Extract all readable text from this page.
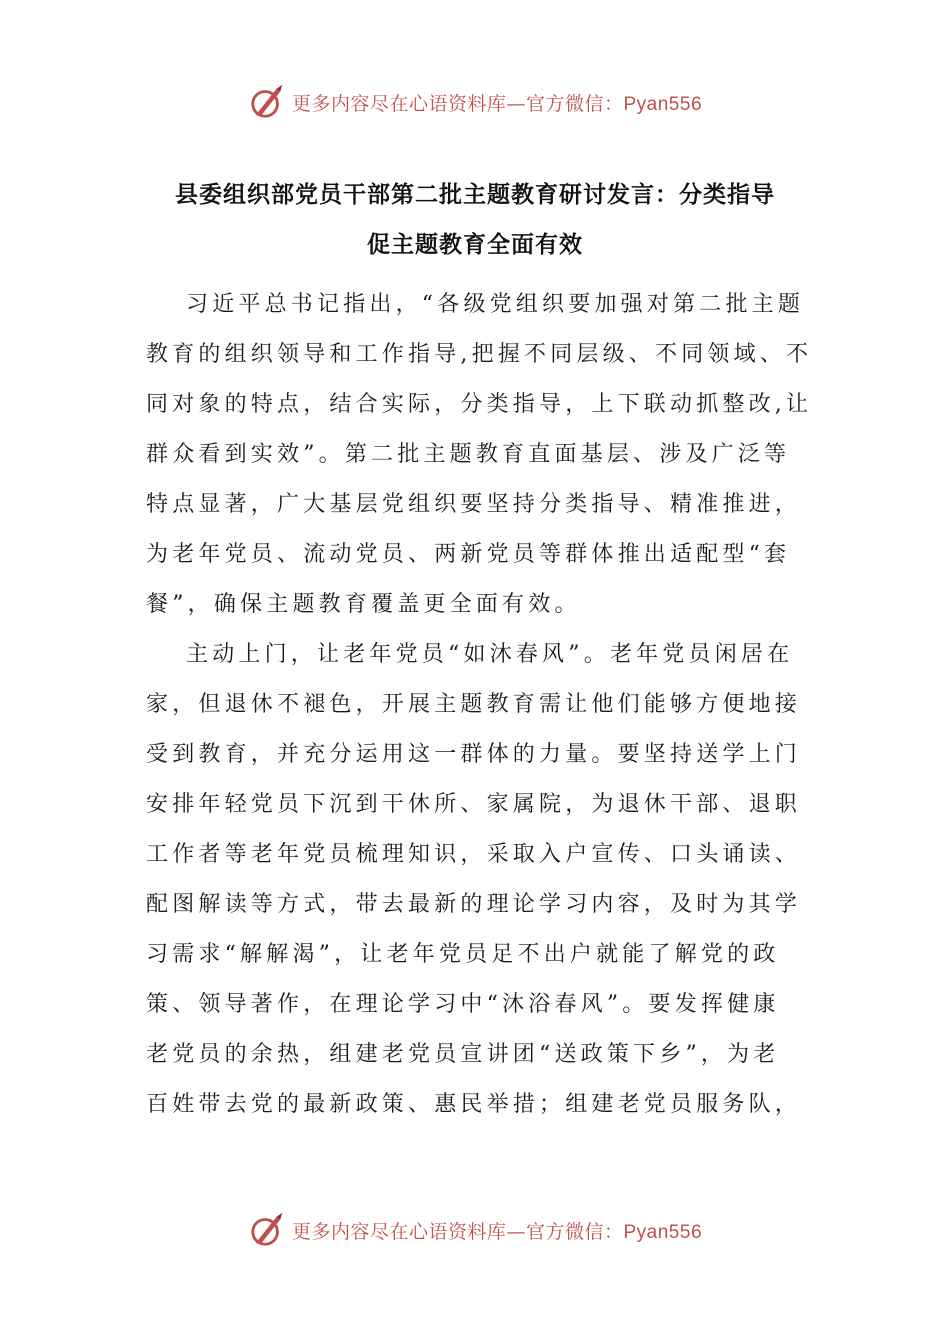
更多内容尽在心语资料库—官方微信：Pyan556
县委组织部党员干部第二批主题教育研讨发言：分类指导
促主题教育全面有效

习近平总书记指出，“各级党组织要加强对第二批主题
教育的组织领导和工作指导,把握不同层级、不同领域、不
同对象的特点，结合实际，分类指导，上下联动抓整改,让
群众看到实效”。第二批主题教育直面基层、涉及广泛等
特点显著，广大基层党组织要坚持分类指导、精准推进，
为老年党员、流动党员、两新党员等群体推出适配型“套
餐”，确保主题教育覆盖更全面有效。

主动上门，让老年党员“如沐春风”。老年党员闲居在
家，但退休不褪色，开展主题教育需让他们能够方便地接
受到教育，并充分运用这一群体的力量。要坚持送学上门
安排年轻党员下沉到干休所、家属院，为退休干部、退职
工作者等老年党员梳理知识，采取入户宣传、口头诵读、
配图解读等方式，带去最新的理论学习内容，及时为其学
习需求“解解渴”，让老年党员足不出户就能了解党的政
策、领导著作，在理论学习中“沐浴春风”。要发挥健康
老党员的余热，组建老党员宣讲团“送政策下乡”，为老
百姓带去党的最新政策、惠民举措；组建老党员服务队，

更多内容尽在心语资料库—官方微信：Pyan556
